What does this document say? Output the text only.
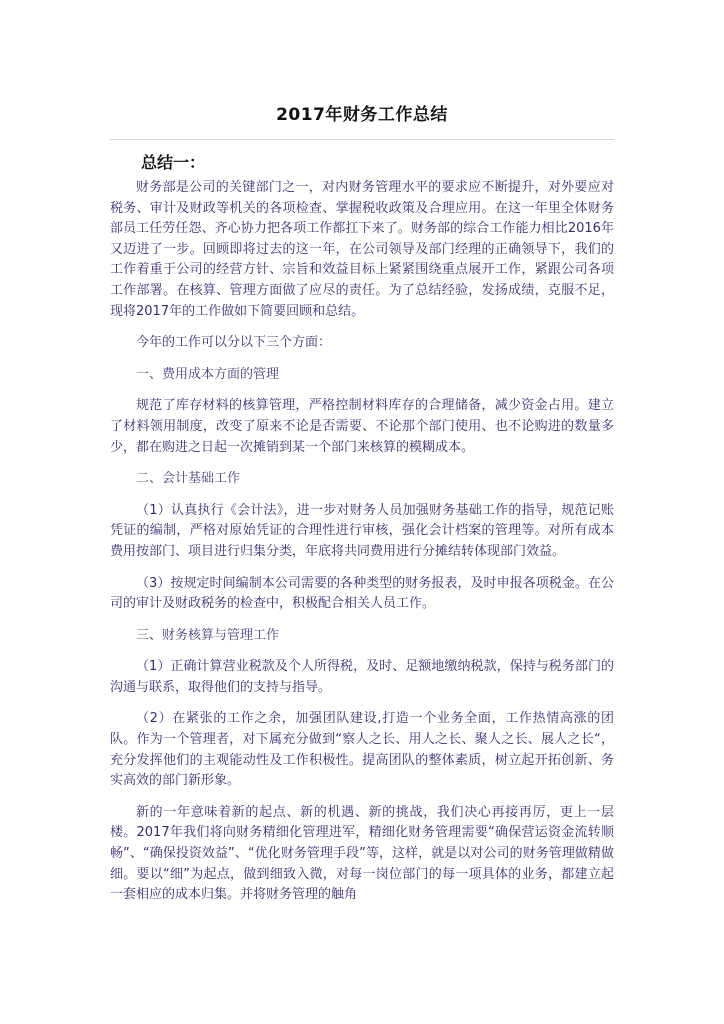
2017年财务工作总结
总结一：

财务部是公司的关键部门之一，对内财务管理水平的要求应不断提升，对外要应对税务、审计及财政等机关的各项检查、掌握税收政策及合理应用。在这一年里全体财务部员工任劳任怨、齐心协力把各项工作都扛下来了。财务部的综合工作能力相比2016年又迈进了一步。回顾即将过去的这一年，在公司领导及部门经理的正确领导下，我们的工作着重于公司的经营方针、宗旨和效益目标上紧紧围绕重点展开工作，紧跟公司各项工作部署。在核算、管理方面做了应尽的责任。为了总结经验，发扬成绩，克服不足，现将2017年的工作做如下简要回顾和总结。

今年的工作可以分以下三个方面：

一、费用成本方面的管理

规范了库存材料的核算管理，严格控制材料库存的合理储备，减少资金占用。建立了材料领用制度，改变了原来不论是否需要、不论那个部门使用、也不论购进的数量多少，都在购进之日起一次摊销到某一个部门来核算的模糊成本。

二、会计基础工作

（1）认真执行《会计法》，进一步对财务人员加强财务基础工作的指导，规范记账凭证的编制，严格对原始凭证的合理性进行审核，强化会计档案的管理等。对所有成本费用按部门、项目进行归集分类，年底将共同费用进行分摊结转体现部门效益。

（3）按规定时间编制本公司需要的各种类型的财务报表，及时申报各项税金。在公司的审计及财政税务的检查中，积极配合相关人员工作。

三、财务核算与管理工作

（1）正确计算营业税款及个人所得税，及时、足额地缴纳税款，保持与税务部门的沟通与联系，取得他们的支持与指导。

（2）在紧张的工作之余，加强团队建设,打造一个业务全面，工作热情高涨的团队。作为一个管理者，对下属充分做到“察人之长、用人之长、聚人之长、展人之长“，充分发挥他们的主观能动性及工作积极性。提高团队的整体素质，树立起开拓创新、务实高效的部门新形象。

新的一年意味着新的起点、新的机遇、新的挑战，我们决心再接再厉，更上一层楼。2017年我们将向财务精细化管理进军，精细化财务管理需要“确保营运资金流转顺畅”、“确保投资效益”、“优化财务管理手段”等，这样，就是以对公司的财务管理做精做细。要以“细”为起点，做到细致入微，对每一岗位部门的每一项具体的业务，都建立起一套相应的成本归集。并将财务管理的触角
